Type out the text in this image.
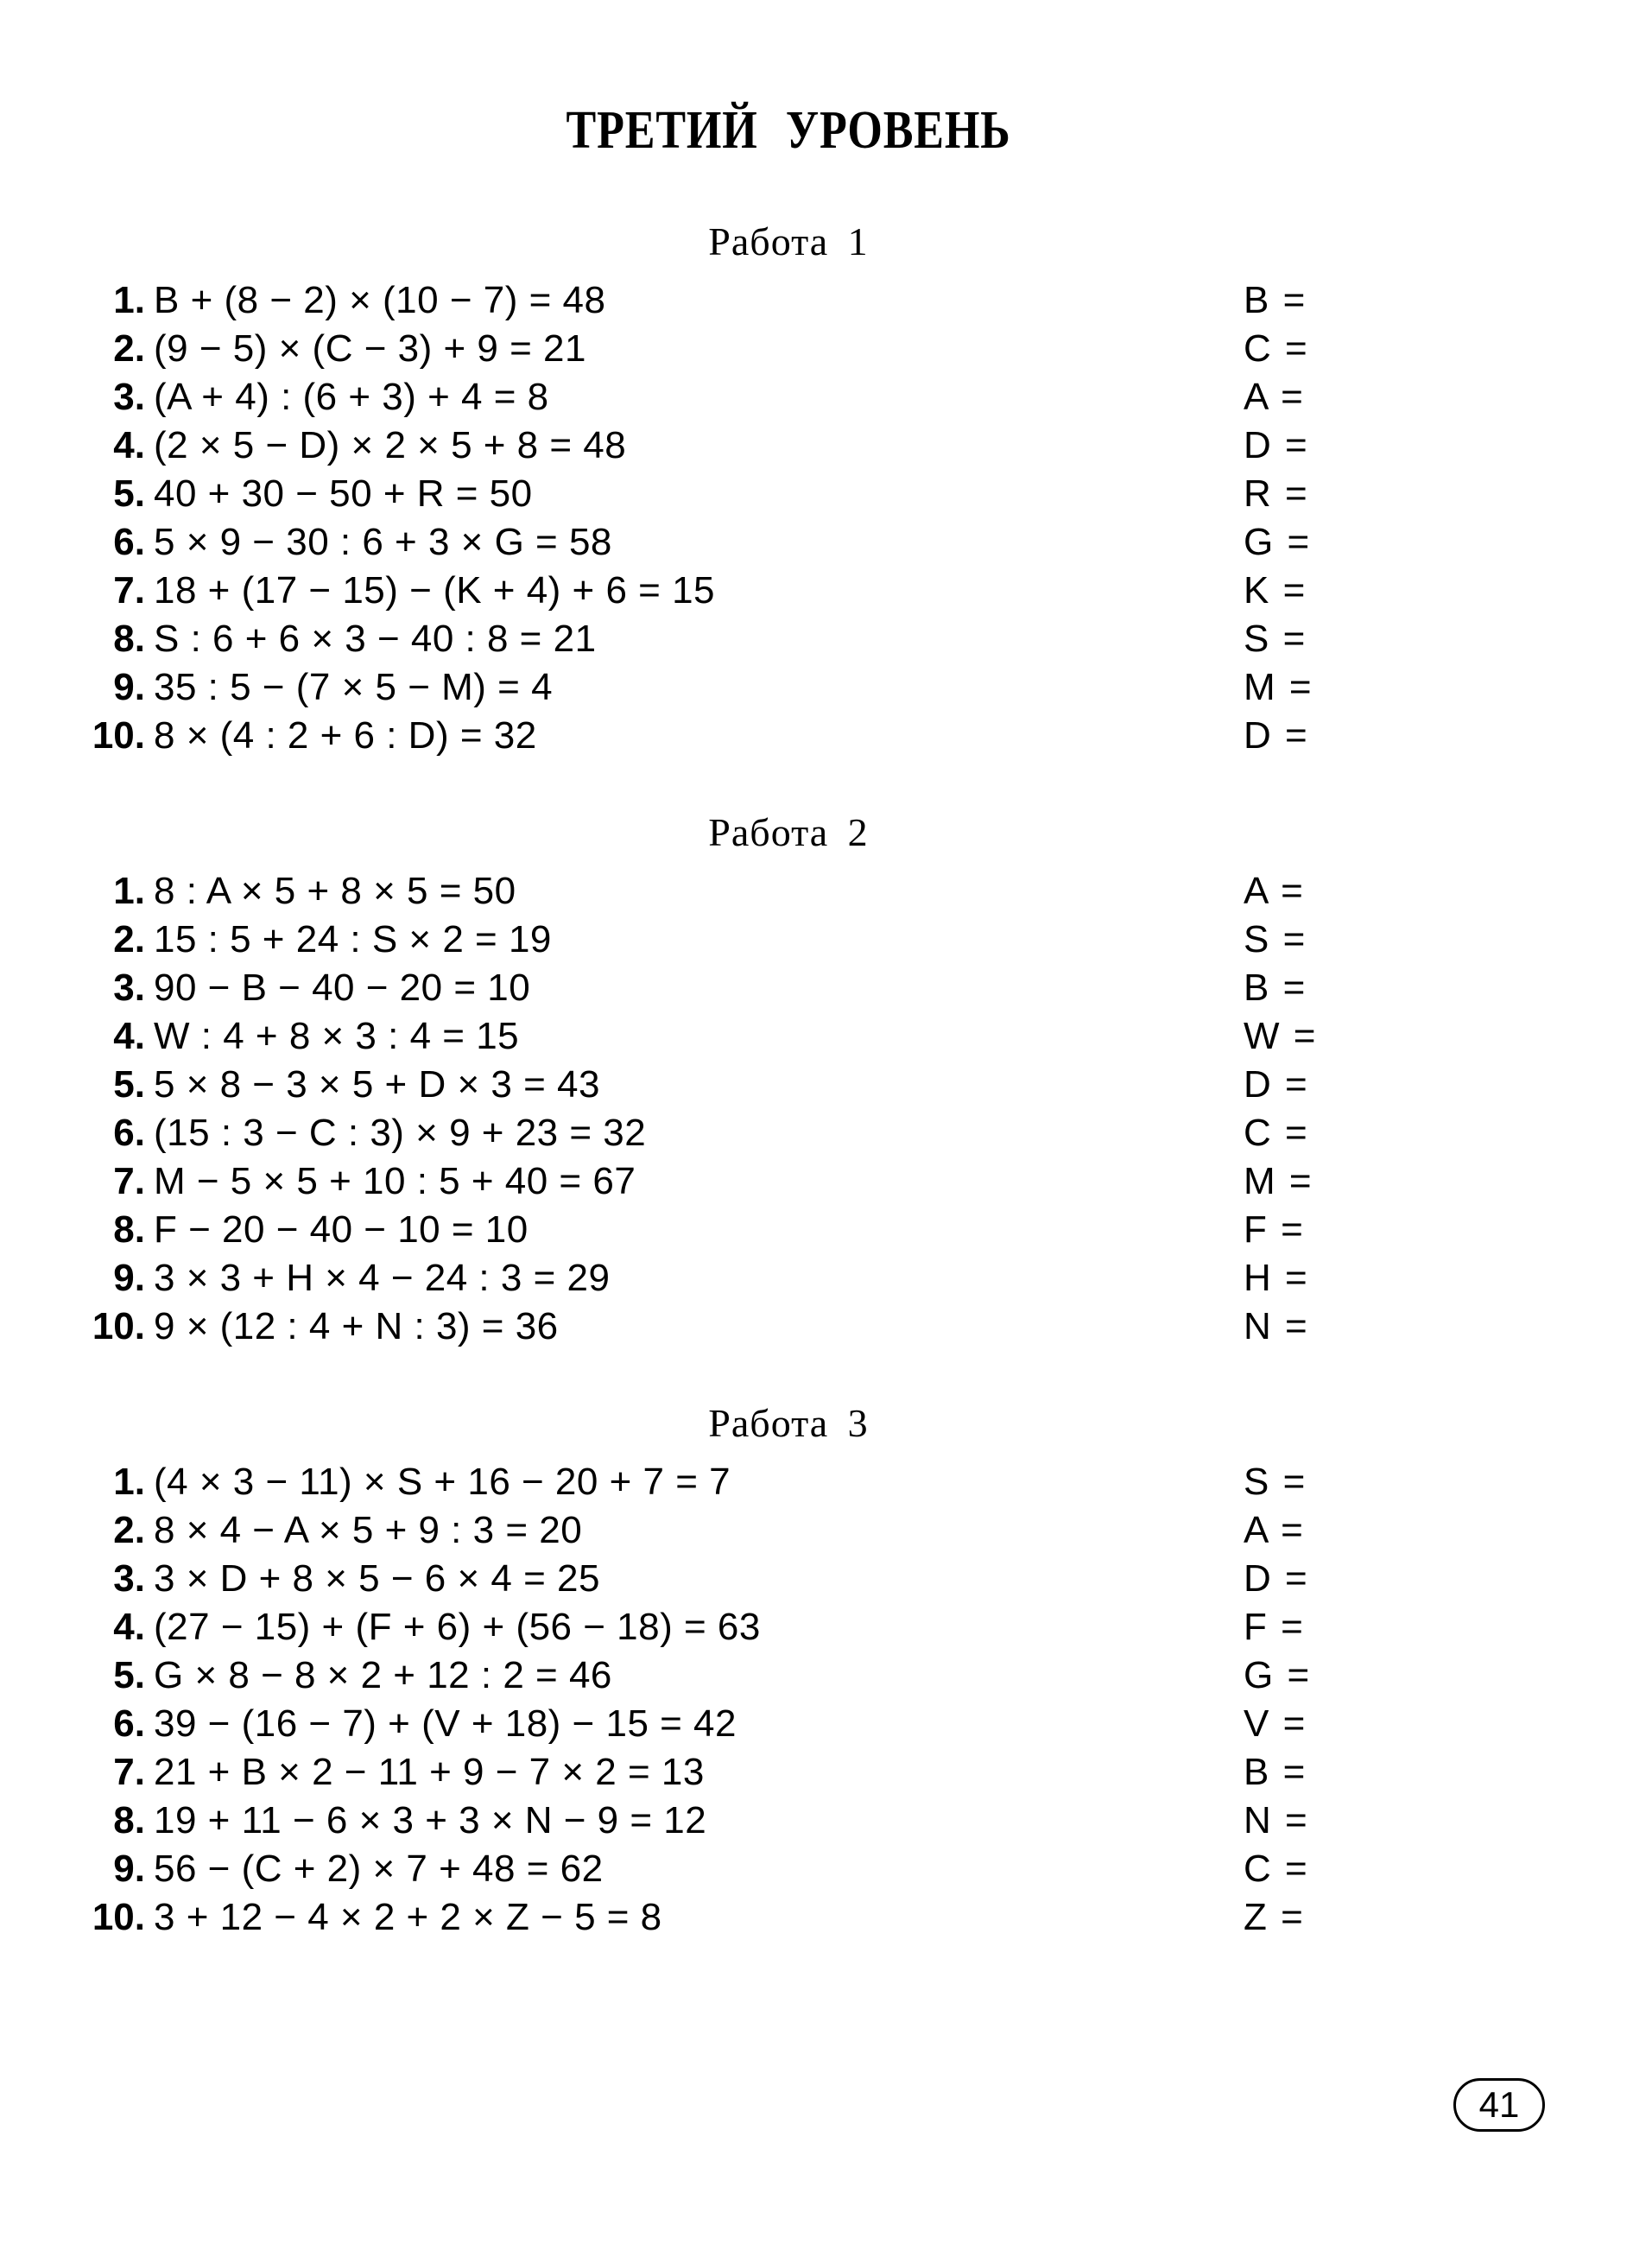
ТРЕТИЙ УРОВЕНЬ
Работа 1
1. B + (8 − 2) × (10 − 7) = 48	B =
2. (9 − 5) × (C − 3) + 9 = 21	C =
3. (A + 4) : (6 + 3) + 4 = 8	A =
4. (2 × 5 − D) × 2 × 5 + 8 = 48	D =
5. 40 + 30 − 50 + R = 50	R =
6. 5 × 9 − 30 : 6 + 3 × G = 58	G =
7. 18 + (17 − 15) − (K + 4) + 6 = 15	K =
8. S : 6 + 6 × 3 − 40 : 8 = 21	S =
9. 35 : 5 − (7 × 5 − M) = 4	M =
10. 8 × (4 : 2 + 6 : D) = 32	D =
Работа 2
1. 8 : A × 5 + 8 × 5 = 50	A =
2. 15 : 5 + 24 : S × 2 = 19	S =
3. 90 − B − 40 − 20 = 10	B =
4. W : 4 + 8 × 3 : 4 = 15	W =
5. 5 × 8 − 3 × 5 + D × 3 = 43	D =
6. (15 : 3 − C : 3) × 9 + 23 = 32	C =
7. M − 5 × 5 + 10 : 5 + 40 = 67	M =
8. F − 20 − 40 − 10 = 10	F =
9. 3 × 3 + H × 4 − 24 : 3 = 29	H =
10. 9 × (12 : 4 + N : 3) = 36	N =
Работа 3
1. (4 × 3 − 11) × S + 16 − 20 + 7 = 7	S =
2. 8 × 4 − A × 5 + 9 : 3 = 20	A =
3. 3 × D + 8 × 5 − 6 × 4 = 25	D =
4. (27 − 15) + (F + 6) + (56 − 18) = 63	F =
5. G × 8 − 8 × 2 + 12 : 2 = 46	G =
6. 39 − (16 − 7) + (V + 18) − 15 = 42	V =
7. 21 + B × 2 − 11 + 9 − 7 × 2 = 13	B =
8. 19 + 11 − 6 × 3 + 3 × N − 9 = 12	N =
9. 56 − (C + 2) × 7 + 48 = 62	C =
10. 3 + 12 − 4 × 2 + 2 × Z − 5 = 8	Z =
41
